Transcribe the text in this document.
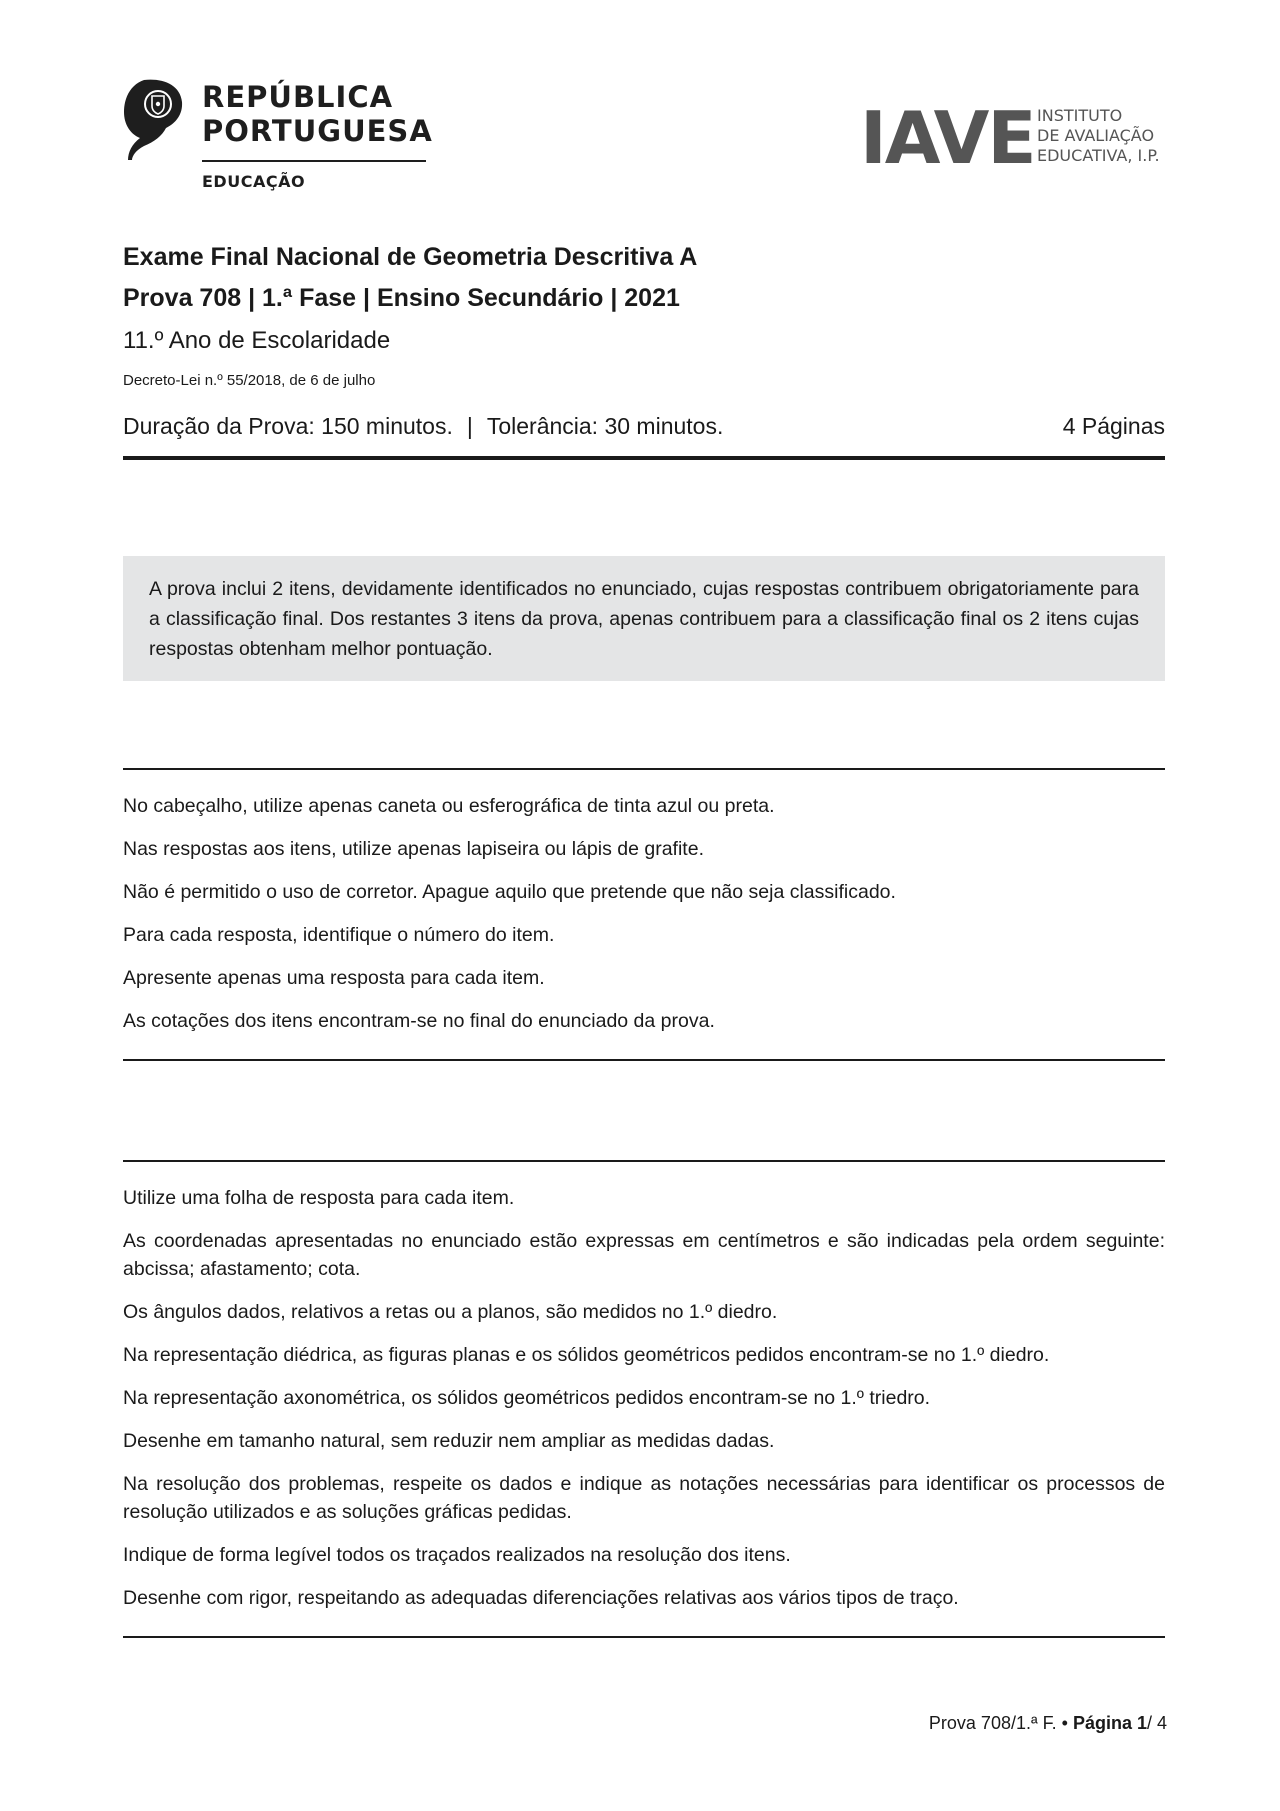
REPÚBLICA
PORTUGUESA
EDUCAÇÃO
IAVE INSTITUTO
DE AVALIAÇÃO
EDUCATIVA, I.P.
Exame Final Nacional de Geometria Descritiva A
Prova 708 | 1.ª Fase | Ensino Secundário | 2021
11.º Ano de Escolaridade
Decreto-Lei n.º 55/2018, de 6 de julho
Duração da Prova: 150 minutos. | Tolerância: 30 minutos.	4 Páginas

A prova inclui 2 itens, devidamente identificados no enunciado, cujas respostas contribuem obrigatoriamente para a classificação final. Dos restantes 3 itens da prova, apenas contribuem para a classificação final os 2 itens cujas respostas obtenham melhor pontuação.

No cabeçalho, utilize apenas caneta ou esferográfica de tinta azul ou preta.
Nas respostas aos itens, utilize apenas lapiseira ou lápis de grafite.
Não é permitido o uso de corretor. Apague aquilo que pretende que não seja classificado.
Para cada resposta, identifique o número do item.
Apresente apenas uma resposta para cada item.
As cotações dos itens encontram-se no final do enunciado da prova.
Utilize uma folha de resposta para cada item.
As coordenadas apresentadas no enunciado estão expressas em centímetros e são indicadas pela ordem seguinte: abcissa; afastamento; cota.
Os ângulos dados, relativos a retas ou a planos, são medidos no 1.º diedro.
Na representação diédrica, as figuras planas e os sólidos geométricos pedidos encontram-se no 1.º diedro.
Na representação axonométrica, os sólidos geométricos pedidos encontram-se no 1.º triedro.
Desenhe em tamanho natural, sem reduzir nem ampliar as medidas dadas.
Na resolução dos problemas, respeite os dados e indique as notações necessárias para identificar os processos de resolução utilizados e as soluções gráficas pedidas.
Indique de forma legível todos os traçados realizados na resolução dos itens.
Desenhe com rigor, respeitando as adequadas diferenciações relativas aos vários tipos de traço.
Prova 708/1.ª F. • Página 1/ 4
